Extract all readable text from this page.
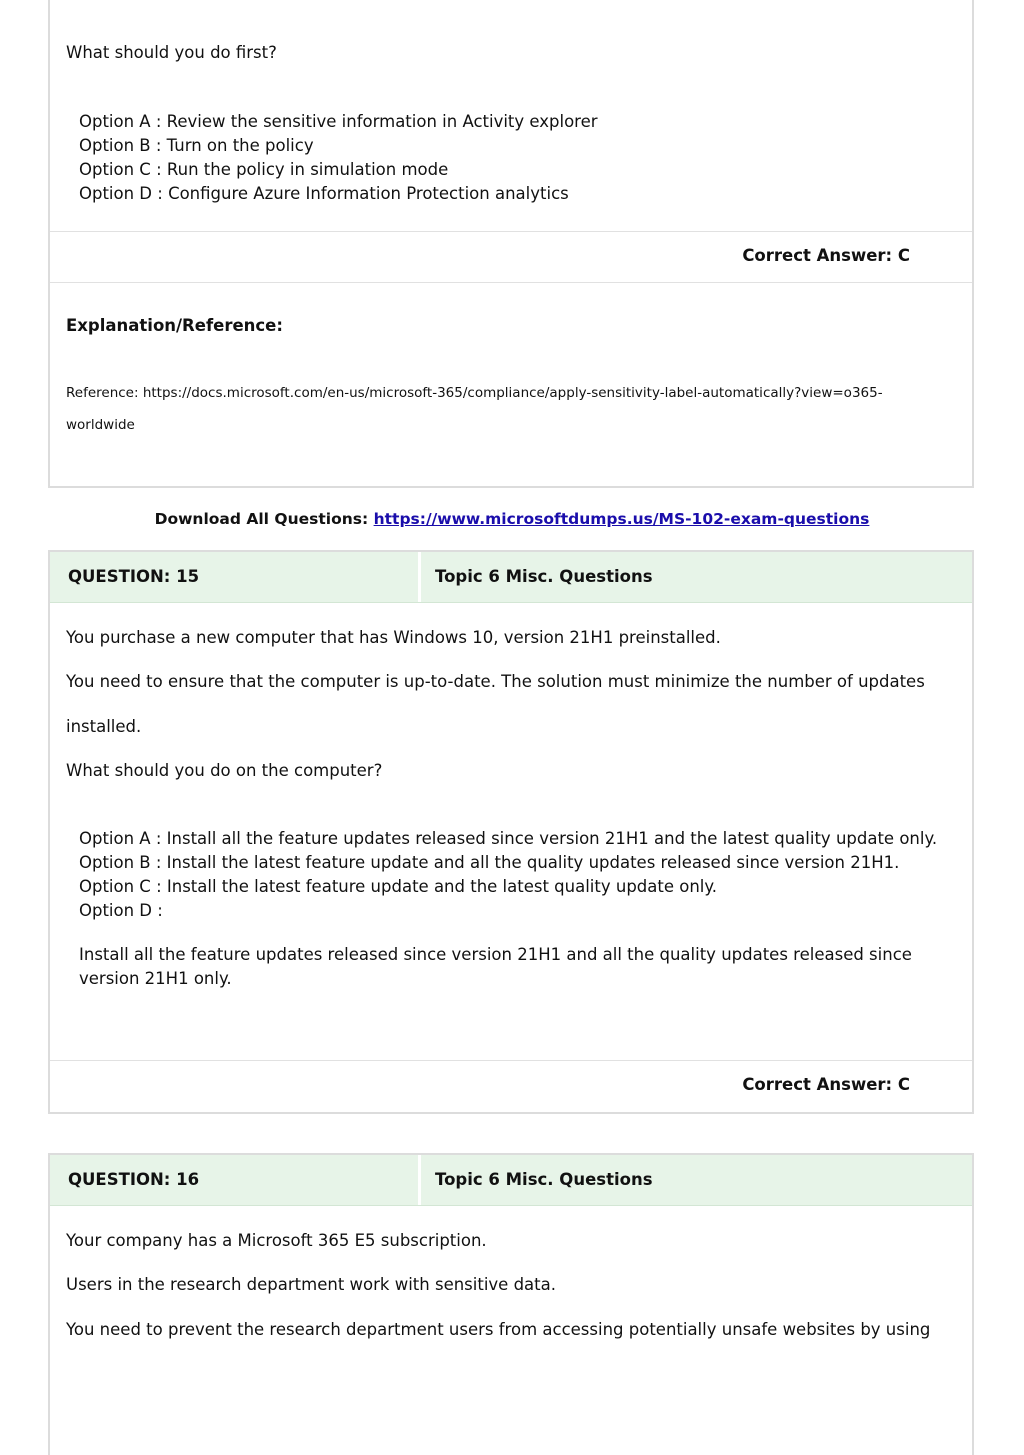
What should you do first?
Option A : Review the sensitive information in Activity explorer
Option B : Turn on the policy
Option C : Run the policy in simulation mode
Option D : Configure Azure Information Protection analytics
Correct Answer: C
Explanation/Reference:
Reference: https://docs.microsoft.com/en-us/microsoft-365/compliance/apply-sensitivity-label-automatically?view=o365-
worldwide
Download All Questions: https://www.microsoftdumps.us/MS-102-exam-questions
QUESTION: 15	Topic 6 Misc. Questions
You purchase a new computer that has Windows 10, version 21H1 preinstalled.
You need to ensure that the computer is up-to-date. The solution must minimize the number of updates
installed.
What should you do on the computer?
Option A : Install all the feature updates released since version 21H1 and the latest quality update only.
Option B : Install the latest feature update and all the quality updates released since version 21H1.
Option C : Install the latest feature update and the latest quality update only.
Option D :
Install all the feature updates released since version 21H1 and all the quality updates released since
version 21H1 only.
Correct Answer: C
QUESTION: 16	Topic 6 Misc. Questions
Your company has a Microsoft 365 E5 subscription.
Users in the research department work with sensitive data.
You need to prevent the research department users from accessing potentially unsafe websites by using
